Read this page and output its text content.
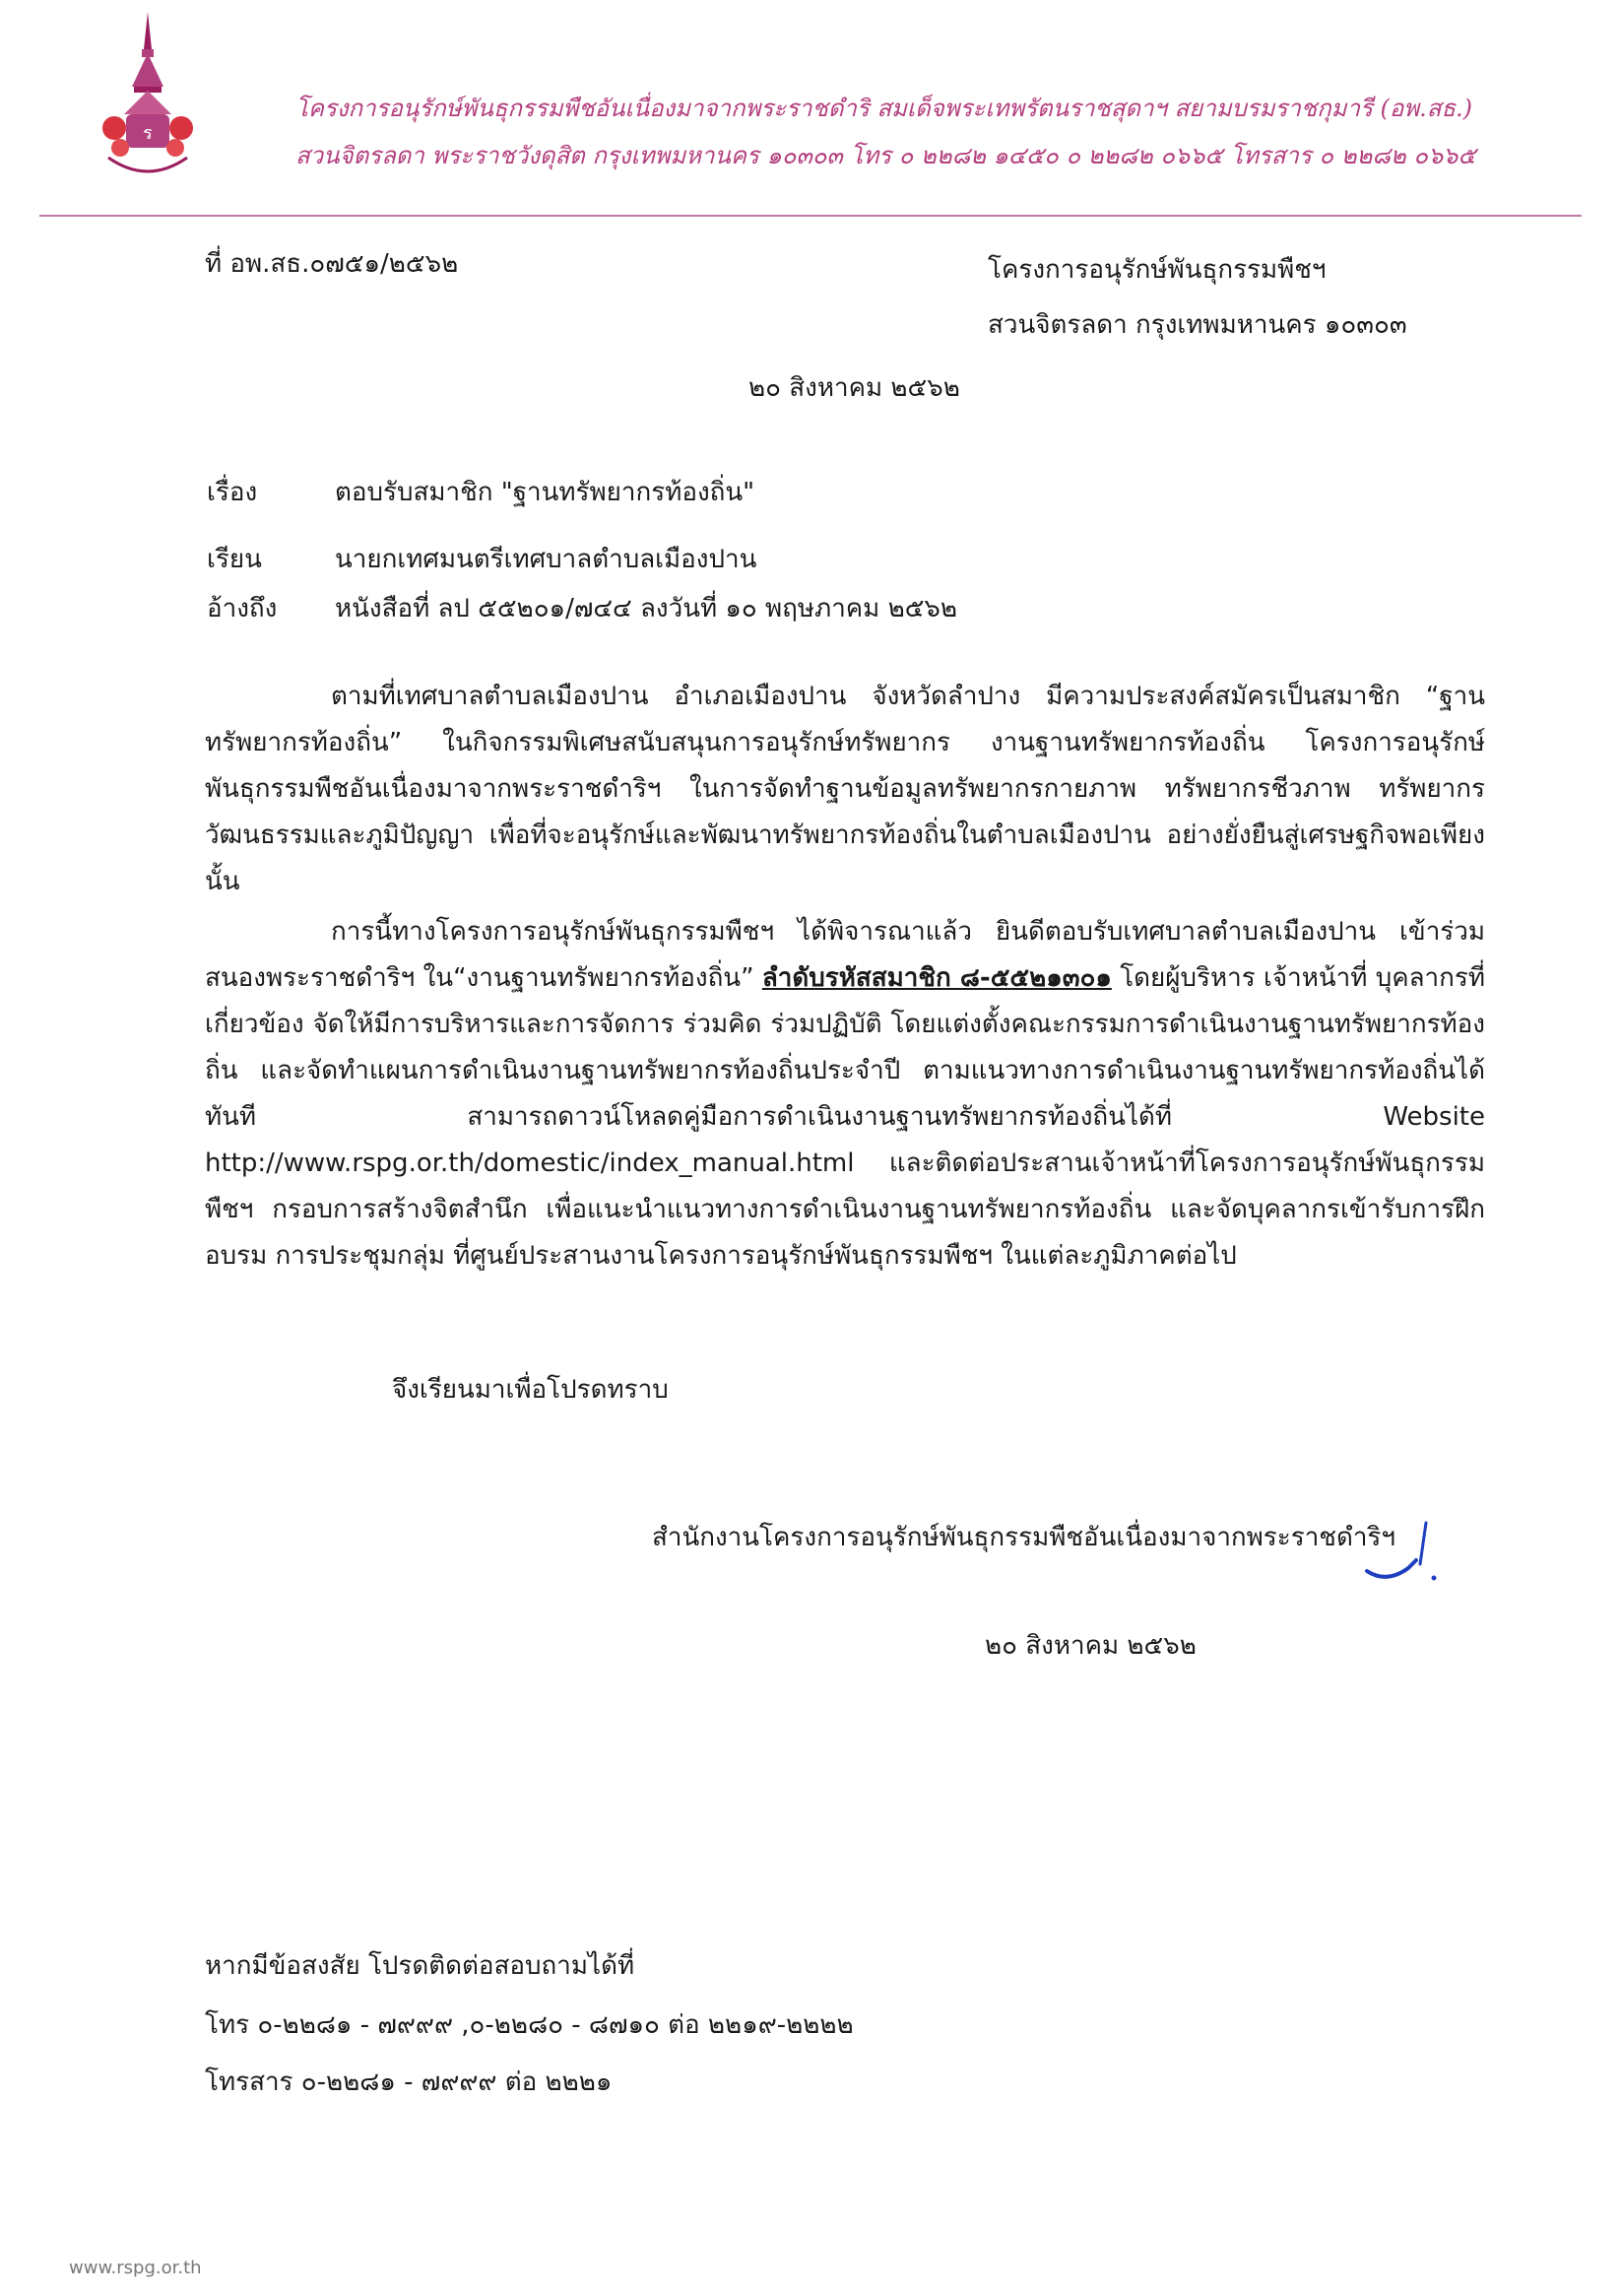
ร
โครงการอนุรักษ์พันธุกรรมพืชอันเนื่องมาจากพระราชดำริ สมเด็จพระเทพรัตนราชสุดาฯ สยามบรมราชกุมารี (อพ.สธ.)
สวนจิตรลดา พระราชวังดุสิต กรุงเทพมหานคร ๑๐๓๐๓ โทร ๐ ๒๒๘๒ ๑๔๕๐ ๐ ๒๒๘๒ ๐๖๖๕ โทรสาร ๐ ๒๒๘๒ ๐๖๖๕
ที่ อพ.สธ.๐๗๕๑/๒๕๖๒	โครงการอนุรักษ์พันธุกรรมพืชฯ
สวนจิตรลดา กรุงเทพมหานคร ๑๐๓๐๓
๒๐ สิงหาคม ๒๕๖๒
เรื่อง	ตอบรับสมาชิก "ฐานทรัพยากรท้องถิ่น"
เรียน	นายกเทศมนตรีเทศบาลตำบลเมืองปาน
อ้างถึง หนังสือที่ ลป ๕๕๒๐๑/๗๔๔ ลงวันที่ ๑๐ พฤษภาคม ๒๕๖๒
ตามที่เทศบาลตำบลเมืองปาน อำเภอเมืองปาน จังหวัดลำปาง มีความประสงค์สมัครเป็นสมาชิก “ฐานทรัพยากรท้องถิ่น” ในกิจกรรมพิเศษสนับสนุนการอนุรักษ์ทรัพยากร งานฐานทรัพยากรท้องถิ่น โครงการอนุรักษ์พันธุกรรมพืชอันเนื่องมาจากพระราชดำริฯ ในการจัดทำฐานข้อมูลทรัพยากรกายภาพ ทรัพยากรชีวภาพ ทรัพยากรวัฒนธรรมและภูมิปัญญา เพื่อที่จะอนุรักษ์และพัฒนาทรัพยากรท้องถิ่นในตำบลเมืองปาน อย่างยั่งยืนสู่เศรษฐกิจพอเพียง นั้น
การนี้ทางโครงการอนุรักษ์พันธุกรรมพืชฯ ได้พิจารณาแล้ว ยินดีตอบรับเทศบาลตำบลเมืองปาน เข้าร่วมสนองพระราชดำริฯ ใน“งานฐานทรัพยากรท้องถิ่น” ลำดับรหัสสมาชิก ๘-๕๕๒๑๓๐๑ โดยผู้บริหาร เจ้าหน้าที่ บุคลากรที่เกี่ยวข้อง จัดให้มีการบริหารและการจัดการ ร่วมคิด ร่วมปฏิบัติ โดยแต่งตั้งคณะกรรมการดำเนินงานฐานทรัพยากรท้องถิ่น และจัดทำแผนการดำเนินงานฐานทรัพยากรท้องถิ่นประจำปี ตามแนวทางการดำเนินงานฐานทรัพยากรท้องถิ่นได้ทันที สามารถดาวน์โหลดคู่มือการดำเนินงานฐานทรัพยากรท้องถิ่นได้ที่ Website http://www.rspg.or.th/domestic/index_manual.html และติดต่อประสานเจ้าหน้าที่โครงการอนุรักษ์พันธุกรรมพืชฯ กรอบการสร้างจิตสำนึก เพื่อแนะนำแนวทางการดำเนินงานฐานทรัพยากรท้องถิ่น และจัดบุคลากรเข้ารับการฝึกอบรม การประชุมกลุ่ม ที่ศูนย์ประสานงานโครงการอนุรักษ์พันธุกรรมพืชฯ ในแต่ละภูมิภาคต่อไป
จึงเรียนมาเพื่อโปรดทราบ
สำนักงานโครงการอนุรักษ์พันธุกรรมพืชอันเนื่องมาจากพระราชดำริฯ
๒๐ สิงหาคม ๒๕๖๒
หากมีข้อสงสัย โปรดติดต่อสอบถามได้ที่
โทร ๐-๒๒๘๑ - ๗๙๙๙ ,๐-๒๒๘๐ - ๘๗๑๐ ต่อ ๒๒๑๙-๒๒๒๒
โทรสาร ๐-๒๒๘๑ - ๗๙๙๙ ต่อ ๒๒๒๑
www.rspg.or.th
